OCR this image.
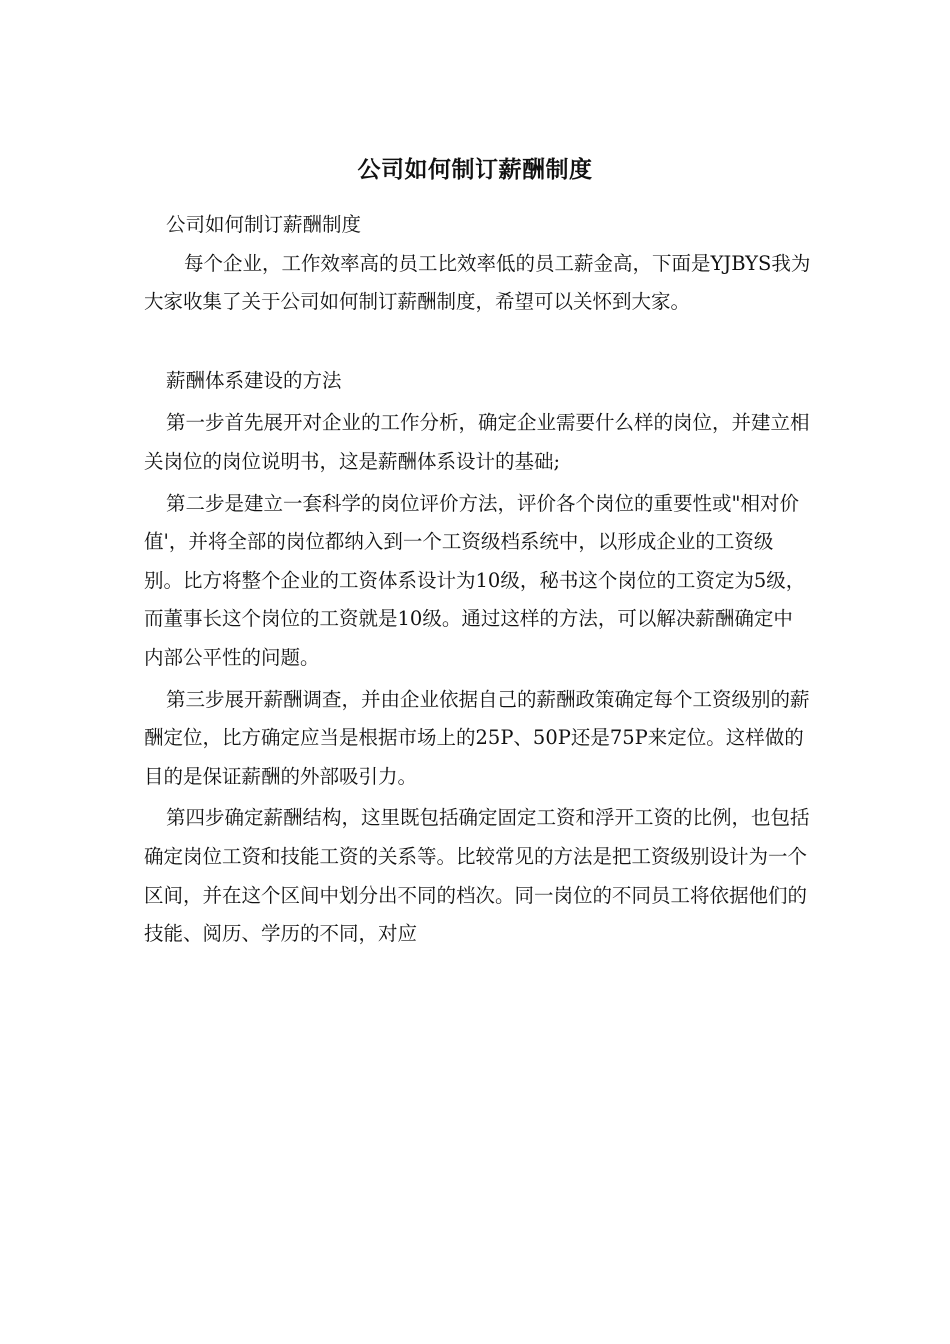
公司如何制订薪酬制度

公司如何制订薪酬制度

每个企业，工作效率高的员工比效率低的员工薪金高，下面是YJBYS我为大家收集了关于公司如何制订薪酬制度，希望可以关怀到大家。

薪酬体系建设的方法

第一步首先展开对企业的工作分析，确定企业需要什么样的岗位，并建立相关岗位的岗位说明书，这是薪酬体系设计的基础;

第二步是建立一套科学的岗位评价方法，评价各个岗位的重要性或"相对价值'，并将全部的岗位都纳入到一个工资级档系统中，以形成企业的工资级别。比方将整个企业的工资体系设计为10级，秘书这个岗位的工资定为5级，而董事长这个岗位的工资就是10级。通过这样的方法，可以解决薪酬确定中内部公平性的问题。

第三步展开薪酬调查，并由企业依据自己的薪酬政策确定每个工资级别的薪酬定位，比方确定应当是根据市场上的25P、50P还是75P来定位。这样做的目的是保证薪酬的外部吸引力。

第四步确定薪酬结构，这里既包括确定固定工资和浮开工资的比例，也包括确定岗位工资和技能工资的关系等。比较常见的方法是把工资级别设计为一个区间，并在这个区间中划分出不同的档次。同一岗位的不同员工将依据他们的技能、阅历、学历的不同，对应
